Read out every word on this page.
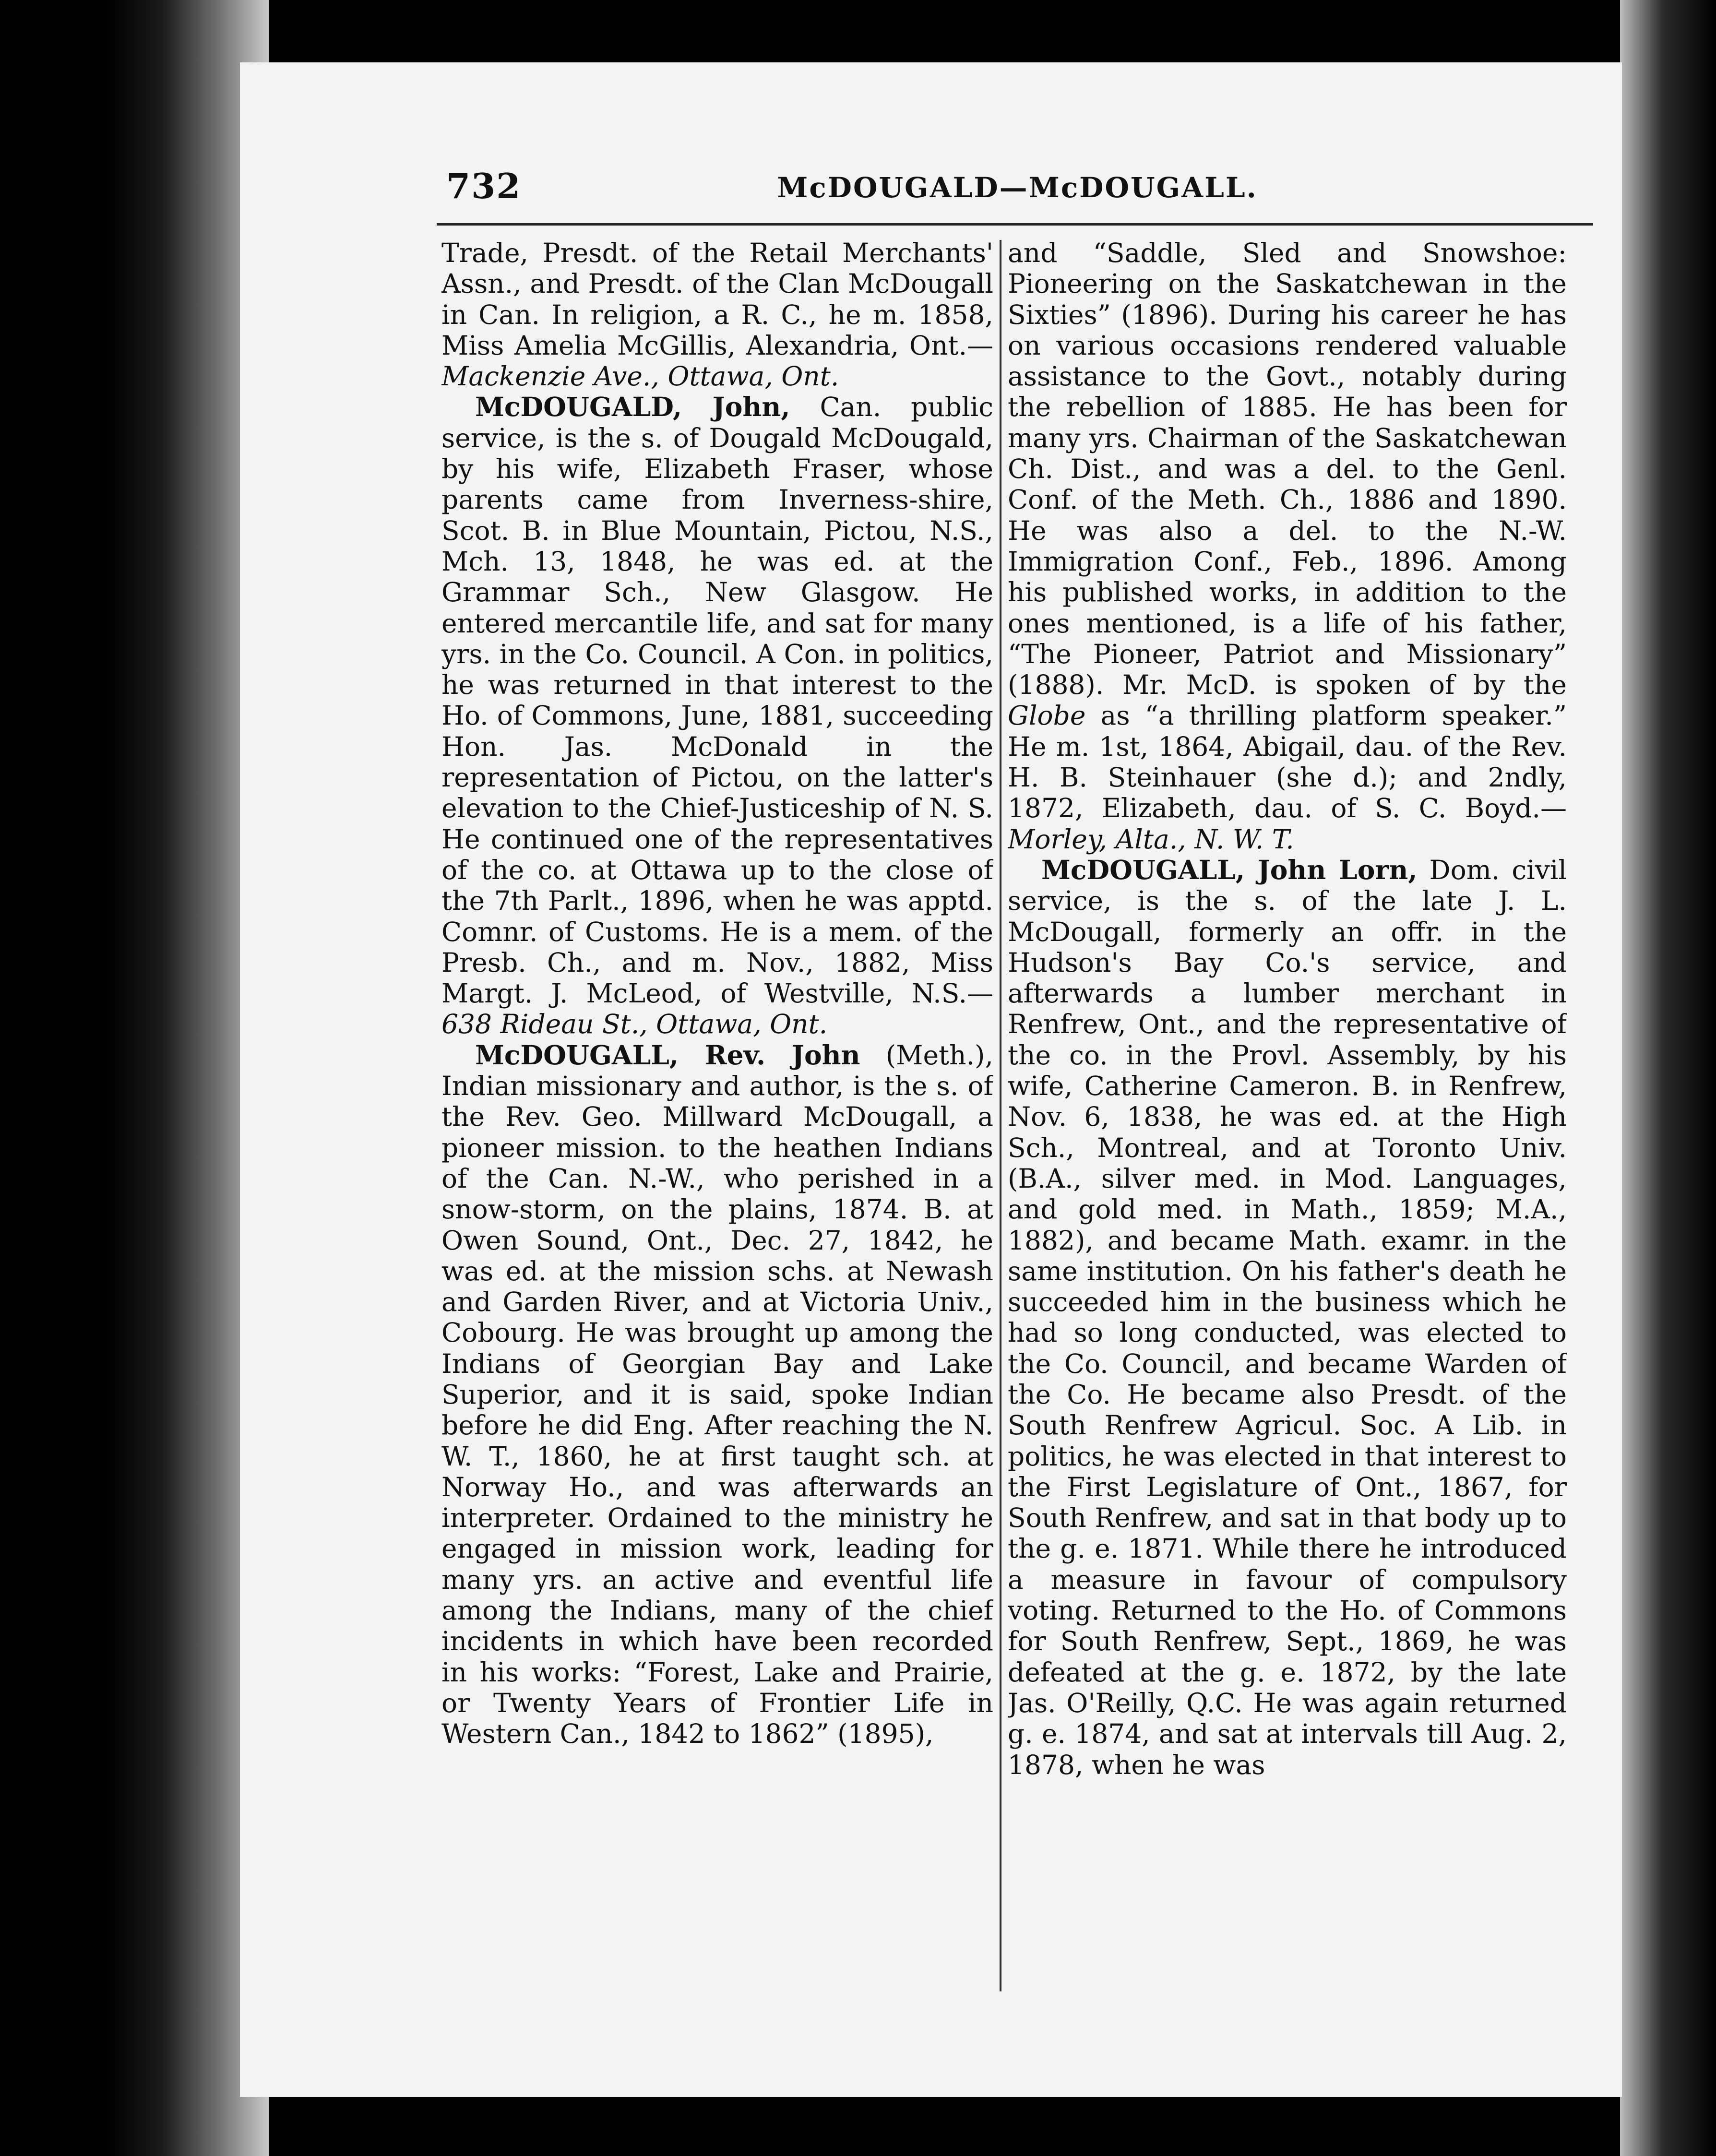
732	McDOUGALD—McDOUGALL.

Trade, Presdt. of the Retail Merchants' Assn., and Presdt. of the Clan McDougall in Can. In religion, a R. C., he m. 1858, Miss Amelia McGillis, Alexandria, Ont.—Mackenzie Ave., Ottawa, Ont.

McDOUGALD, John, Can. public service, is the s. of Dougald McDougald, by his wife, Elizabeth Fraser, whose parents came from Inverness-shire, Scot. B. in Blue Mountain, Pictou, N.S., Mch. 13, 1848, he was ed. at the Grammar Sch., New Glasgow. He entered mercantile life, and sat for many yrs. in the Co. Council. A Con. in politics, he was returned in that interest to the Ho. of Commons, June, 1881, succeeding Hon. Jas. McDonald in the representation of Pictou, on the latter's elevation to the Chief-Justiceship of N. S. He continued one of the representatives of the co. at Ottawa up to the close of the 7th Parlt., 1896, when he was apptd. Comnr. of Customs. He is a mem. of the Presb. Ch., and m. Nov., 1882, Miss Margt. J. McLeod, of Westville, N.S.—638 Rideau St., Ottawa, Ont.

McDOUGALL, Rev. John (Meth.), Indian missionary and author, is the s. of the Rev. Geo. Millward McDougall, a pioneer mission. to the heathen Indians of the Can. N.-W., who perished in a snow-storm, on the plains, 1874. B. at Owen Sound, Ont., Dec. 27, 1842, he was ed. at the mission schs. at Newash and Garden River, and at Victoria Univ., Cobourg. He was brought up among the Indians of Georgian Bay and Lake Superior, and it is said, spoke Indian before he did Eng. After reaching the N. W. T., 1860, he at first taught sch. at Norway Ho., and was afterwards an interpreter. Ordained to the ministry he engaged in mission work, leading for many yrs. an active and eventful life among the Indians, many of the chief incidents in which have been recorded in his works: “Forest, Lake and Prairie, or Twenty Years of Frontier Life in Western Can., 1842 to 1862” (1895),

and “Saddle, Sled and Snowshoe: Pioneering on the Saskatchewan in the Sixties” (1896). During his career he has on various occasions rendered valuable assistance to the Govt., notably during the rebellion of 1885. He has been for many yrs. Chairman of the Saskatchewan Ch. Dist., and was a del. to the Genl. Conf. of the Meth. Ch., 1886 and 1890. He was also a del. to the N.-W. Immigration Conf., Feb., 1896. Among his published works, in addition to the ones mentioned, is a life of his father, “The Pioneer, Patriot and Missionary” (1888). Mr. McD. is spoken of by the Globe as “a thrilling platform speaker.” He m. 1st, 1864, Abigail, dau. of the Rev. H. B. Steinhauer (she d.); and 2ndly, 1872, Elizabeth, dau. of S. C. Boyd.—Morley, Alta., N. W. T.

McDOUGALL, John Lorn, Dom. civil service, is the s. of the late J. L. McDougall, formerly an offr. in the Hudson's Bay Co.'s service, and afterwards a lumber merchant in Renfrew, Ont., and the representative of the co. in the Provl. Assembly, by his wife, Catherine Cameron. B. in Renfrew, Nov. 6, 1838, he was ed. at the High Sch., Montreal, and at Toronto Univ. (B.A., silver med. in Mod. Languages, and gold med. in Math., 1859; M.A., 1882), and became Math. examr. in the same institution. On his father's death he succeeded him in the business which he had so long conducted, was elected to the Co. Council, and became Warden of the Co. He became also Presdt. of the South Renfrew Agricul. Soc. A Lib. in politics, he was elected in that interest to the First Legislature of Ont., 1867, for South Renfrew, and sat in that body up to the g. e. 1871. While there he introduced a measure in favour of compulsory voting. Returned to the Ho. of Commons for South Renfrew, Sept., 1869, he was defeated at the g. e. 1872, by the late Jas. O'Reilly, Q.C. He was again returned g. e. 1874, and sat at intervals till Aug. 2, 1878, when he was
